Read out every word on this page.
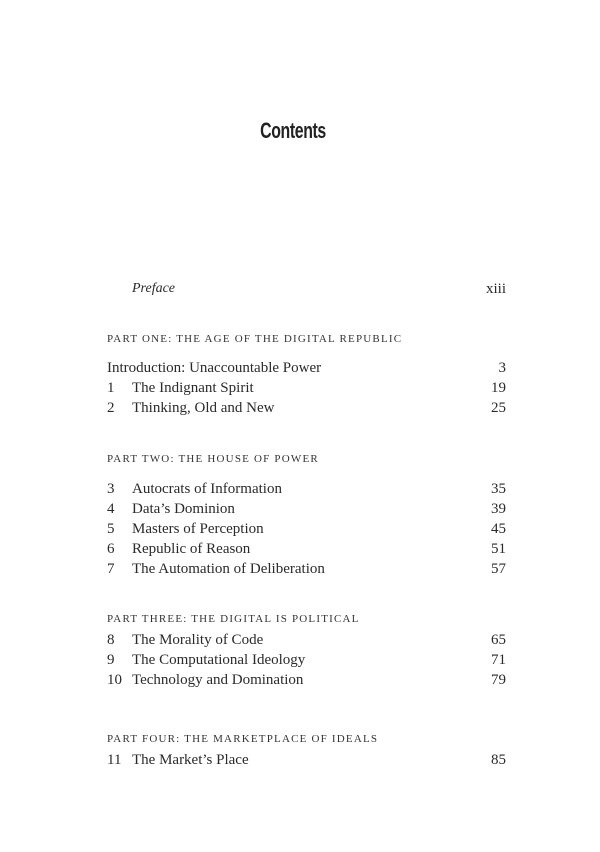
Contents
Preface	xiii
PART ONE: THE AGE OF THE DIGITAL REPUBLIC
Introduction: Unaccountable Power	3
1 The Indignant Spirit	19
2 Thinking, Old and New	25
PART TWO: THE HOUSE OF POWER
3 Autocrats of Information	35
4 Data’s Dominion	39
5 Masters of Perception	45
6 Republic of Reason	51
7 The Automation of Deliberation	57
PART THREE: THE DIGITAL IS POLITICAL
8 The Morality of Code	65
9 The Computational Ideology	71
10 Technology and Domination	79
PART FOUR: THE MARKETPLACE OF IDEALS
11 The Market’s Place	85
